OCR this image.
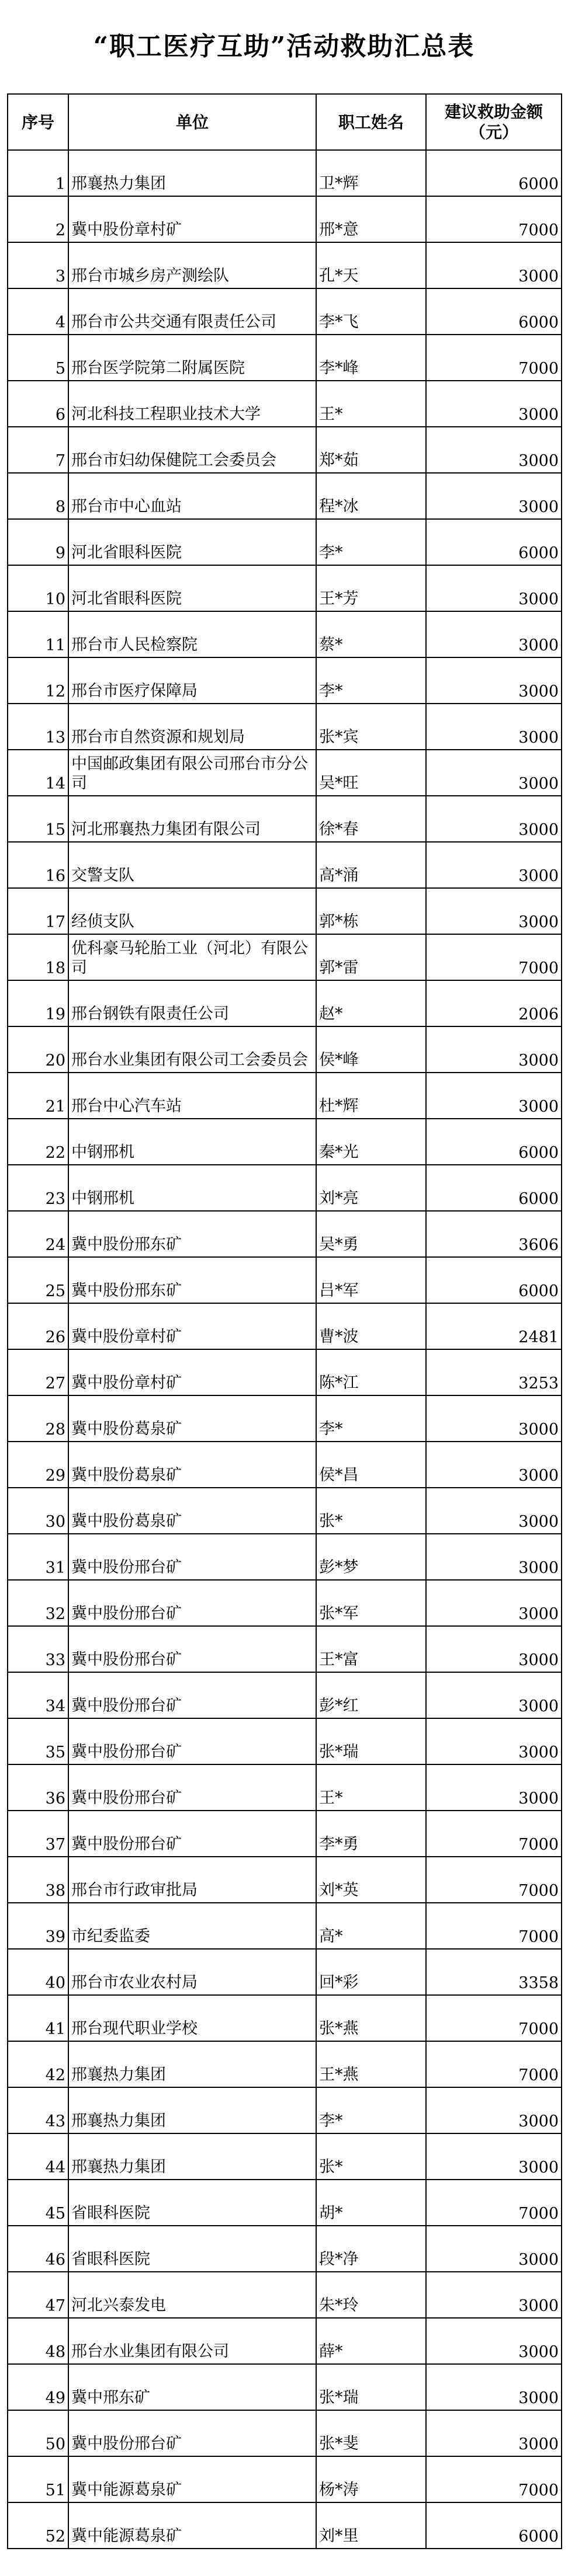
“职工医疗互助”活动救助汇总表
序号	单位	职工姓名	建议救助金额
（元）

1	邢襄热力集团	卫*辉	6000
2	冀中股份章村矿	邢*意	7000
3	邢台市城乡房产测绘队	孔*天	3000
4	邢台市公共交通有限责任公司	李*飞	6000
5	邢台医学院第二附属医院	李*峰	7000
6	河北科技工程职业技术大学	王*	3000
7	邢台市妇幼保健院工会委员会	郑*茹	3000
8	邢台市中心血站	程*冰	3000
9	河北省眼科医院	李*	6000
10	河北省眼科医院	王*芳	3000
11	邢台市人民检察院	蔡*	3000
12	邢台市医疗保障局	李*	3000
13	邢台市自然资源和规划局	张*宾	3000
14	中国邮政集团有限公司邢台市分公司	吴*旺	3000
15	河北邢襄热力集团有限公司	徐*春	3000
16	交警支队	高*涌	3000
17	经侦支队	郭*栋	3000
18	优科豪马轮胎工业（河北）有限公司	郭*雷	7000
19	邢台钢铁有限责任公司	赵*	2006
20	邢台水业集团有限公司工会委员会	侯*峰	3000
21	邢台中心汽车站	杜*辉	3000
22	中钢邢机	秦*光	6000
23	中钢邢机	刘*亮	6000
24	冀中股份邢东矿	吴*勇	3606
25	冀中股份邢东矿	吕*军	6000
26	冀中股份章村矿	曹*波	2481
27	冀中股份章村矿	陈*江	3253
28	冀中股份葛泉矿	李*	3000
29	冀中股份葛泉矿	侯*昌	3000
30	冀中股份葛泉矿	张*	3000
31	冀中股份邢台矿	彭*梦	3000
32	冀中股份邢台矿	张*军	3000
33	冀中股份邢台矿	王*富	3000
34	冀中股份邢台矿	彭*红	3000
35	冀中股份邢台矿	张*瑞	3000
36	冀中股份邢台矿	王*	3000
37	冀中股份邢台矿	李*勇	7000
38	邢台市行政审批局	刘*英	7000
39	市纪委监委	高*	7000
40	邢台市农业农村局	回*彩	3358
41	邢台现代职业学校	张*燕	7000
42	邢襄热力集团	王*燕	7000
43	邢襄热力集团	李*	3000
44	邢襄热力集团	张*	3000
45	省眼科医院	胡*	7000
46	省眼科医院	段*净	3000
47	河北兴泰发电	朱*玲	3000
48	邢台水业集团有限公司	薛*	3000
49	冀中邢东矿	张*瑞	3000
50	冀中股份邢台矿	张*斐	3000
51	冀中能源葛泉矿	杨*涛	7000
52	冀中能源葛泉矿	刘*里	6000
